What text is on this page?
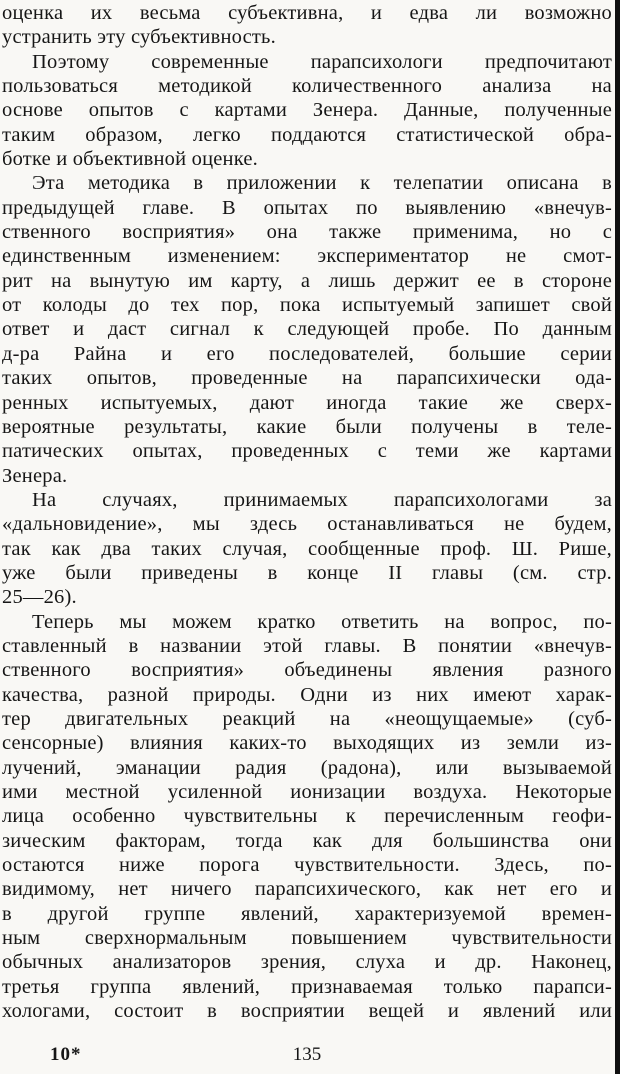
оценка их весьма субъективна, и едва ли возможно
устранить эту субъективность.
Поэтому современные парапсихологи предпочитают
пользоваться методикой количественного анализа на
основе опытов с картами Зенера. Данные, полученные
таким образом, легко поддаются статистической обра-
ботке и объективной оценке.
Эта методика в приложении к телепатии описана в
предыдущей главе. В опытах по выявлению «внечув-
ственного восприятия» она также применима, но с
единственным изменением: экспериментатор не смот-
рит на вынутую им карту, а лишь держит ее в стороне
от колоды до тех пор, пока испытуемый запишет свой
ответ и даст сигнал к следующей пробе. По данным
д-ра Райна и его последователей, большие серии
таких опытов, проведенные на парапсихически ода-
ренных испытуемых, дают иногда такие же сверх-
вероятные результаты, какие были получены в теле-
патических опытах, проведенных с теми же картами
Зенера.
На случаях, принимаемых парапсихологами за
«дальновидение», мы здесь останавливаться не будем,
так как два таких случая, сообщенные проф. Ш. Рише,
уже были приведены в конце II главы (см. стр.
25—26).
Теперь мы можем кратко ответить на вопрос, по-
ставленный в названии этой главы. В понятии «внечув-
ственного восприятия» объединены явления разного
качества, разной природы. Одни из них имеют харак-
тер двигательных реакций на «неощущаемые» (суб-
сенсорные) влияния каких-то выходящих из земли из-
лучений, эманации радия (радона), или вызываемой
ими местной усиленной ионизации воздуха. Некоторые
лица особенно чувствительны к перечисленным геофи-
зическим факторам, тогда как для большинства они
остаются ниже порога чувствительности. Здесь, по-
видимому, нет ничего парапсихического, как нет его и
в другой группе явлений, характеризуемой времен-
ным сверхнормальным повышением чувствительности
обычных анализаторов зрения, слуха и др. Наконец,
третья группа явлений, признаваемая только парапси-
хологами, состоит в восприятии вещей и явлений или
10*	135
